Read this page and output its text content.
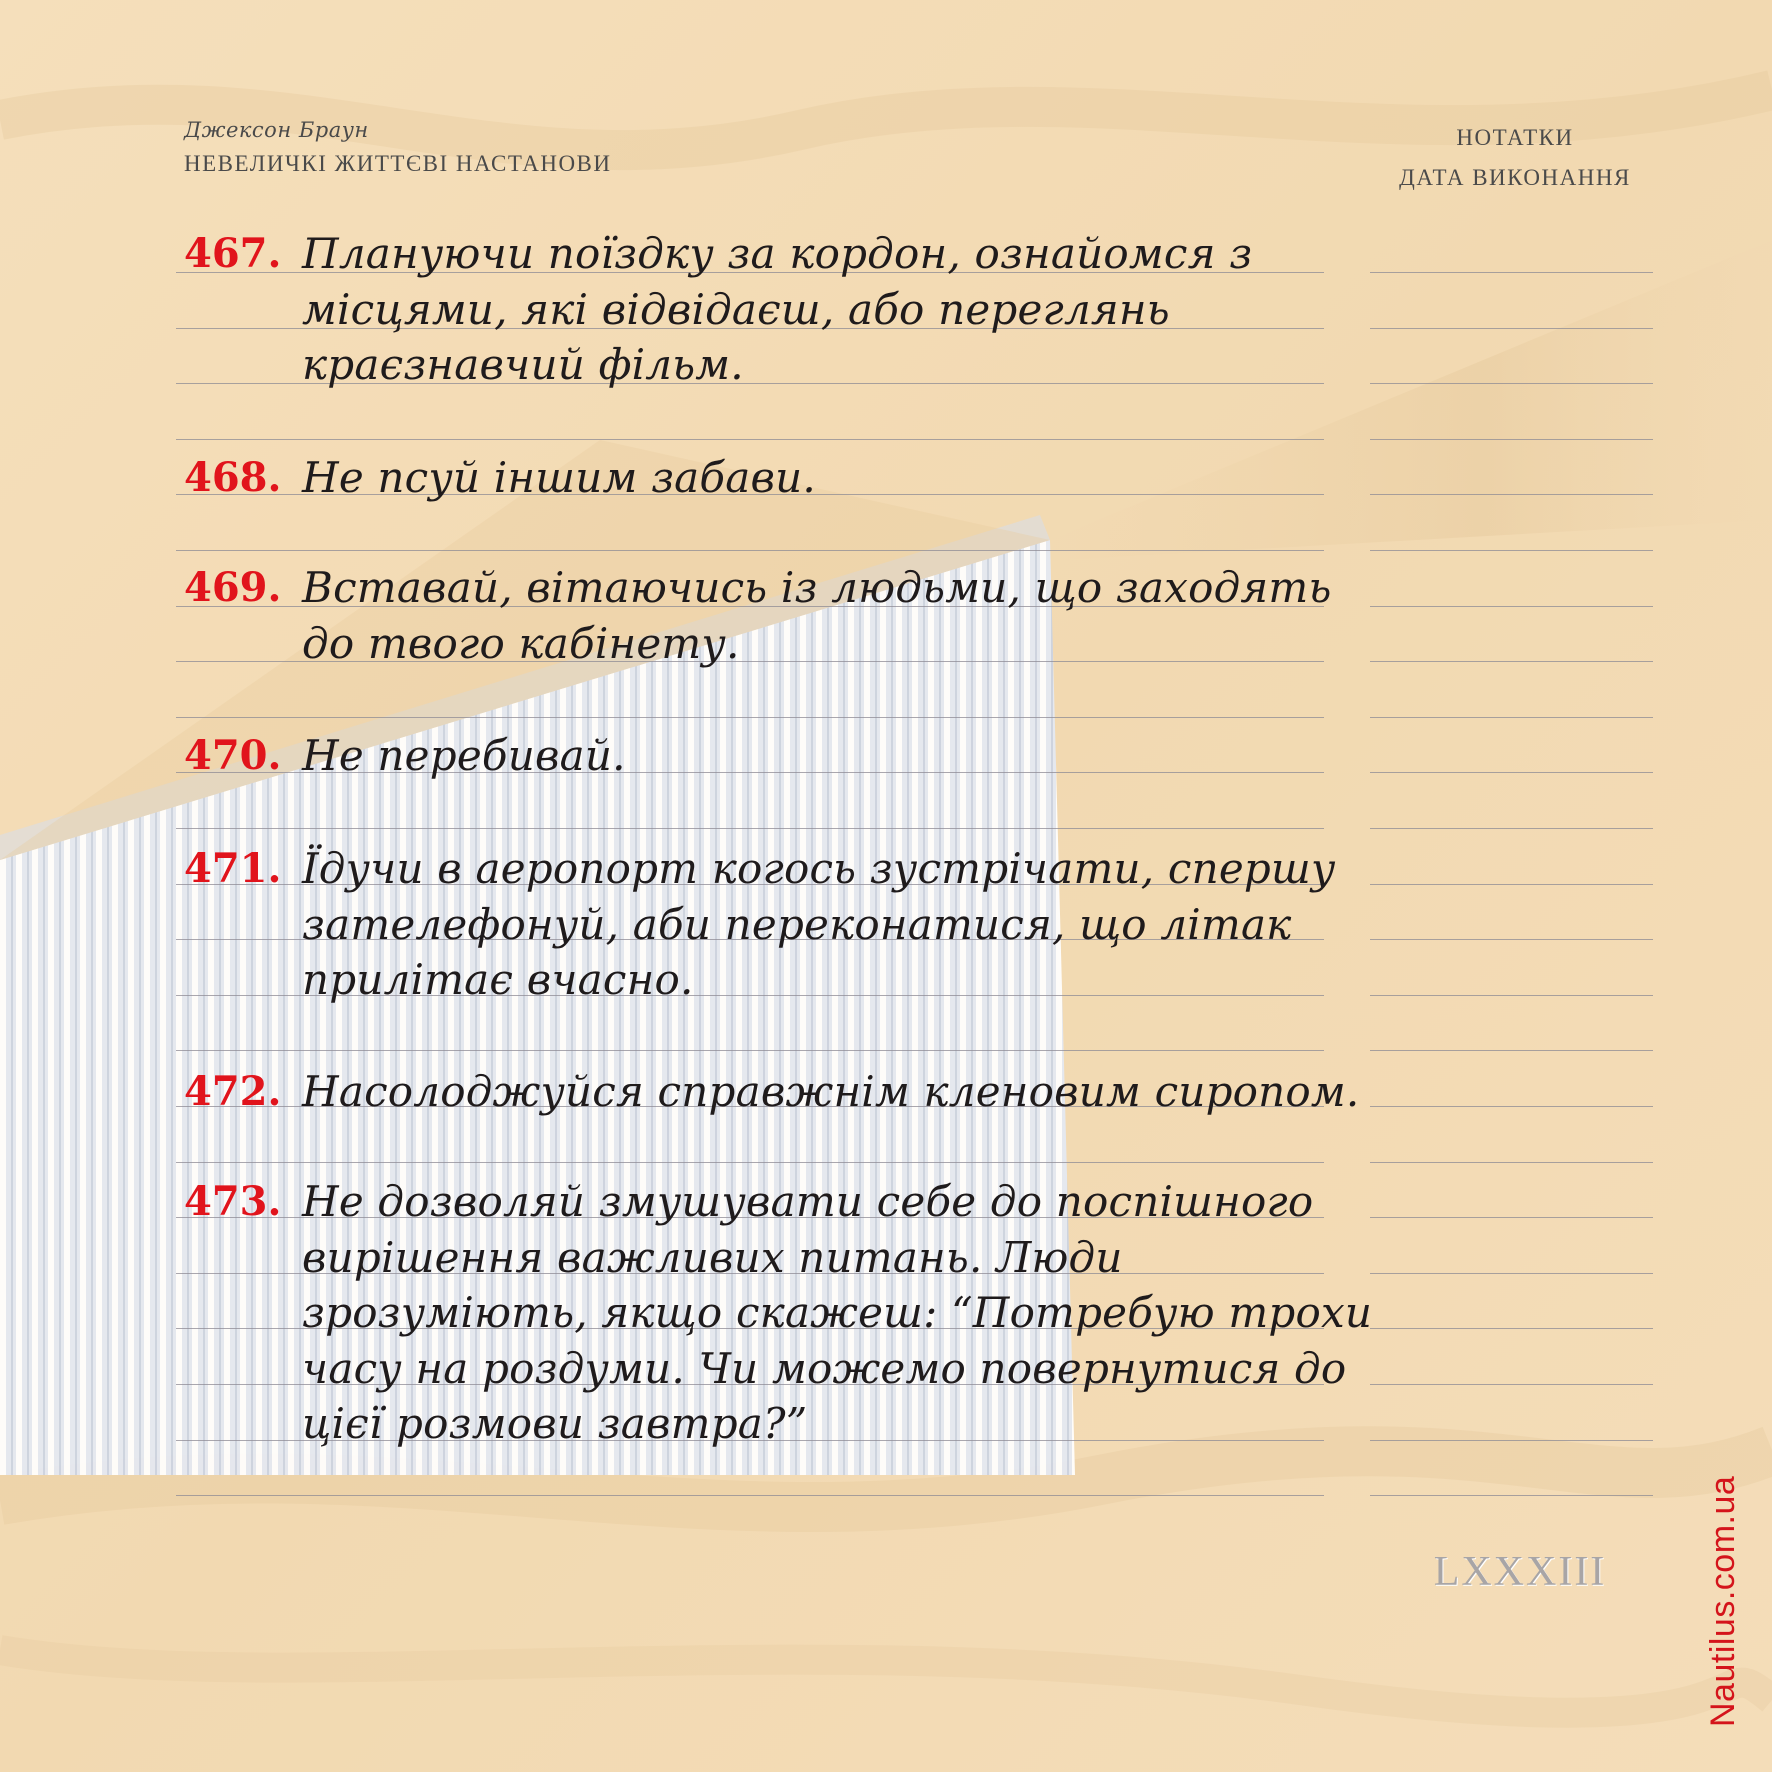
Джексон Браун
НЕВЕЛИЧКІ ЖИТТЄВІ НАСТАНОВИ
НОТАТКИ
ДАТА ВИКОНАННЯ
467. Плануючи поїздку за кордон, ознайомся з
місцями, які відвідаєш, або переглянь
краєзнавчий фільм.
468. Не псуй іншим забави.
469. Вставай, вітаючись із людьми, що заходять
до твого кабінету.
470. Не перебивай.
471. Їдучи в аеропорт когось зустрічати, спершу
зателефонуй, аби переконатися, що літак
прилітає вчасно.
472. Насолоджуйся справжнім кленовим сиропом.
473. Не дозволяй змушувати себе до поспішного
вирішення важливих питань. Люди
зрозуміють, якщо скажеш: “Потребую трохи
часу на роздуми. Чи можемо повернутися до
цієї розмови завтра?”
LXXXIII	Nautilus.com.ua
